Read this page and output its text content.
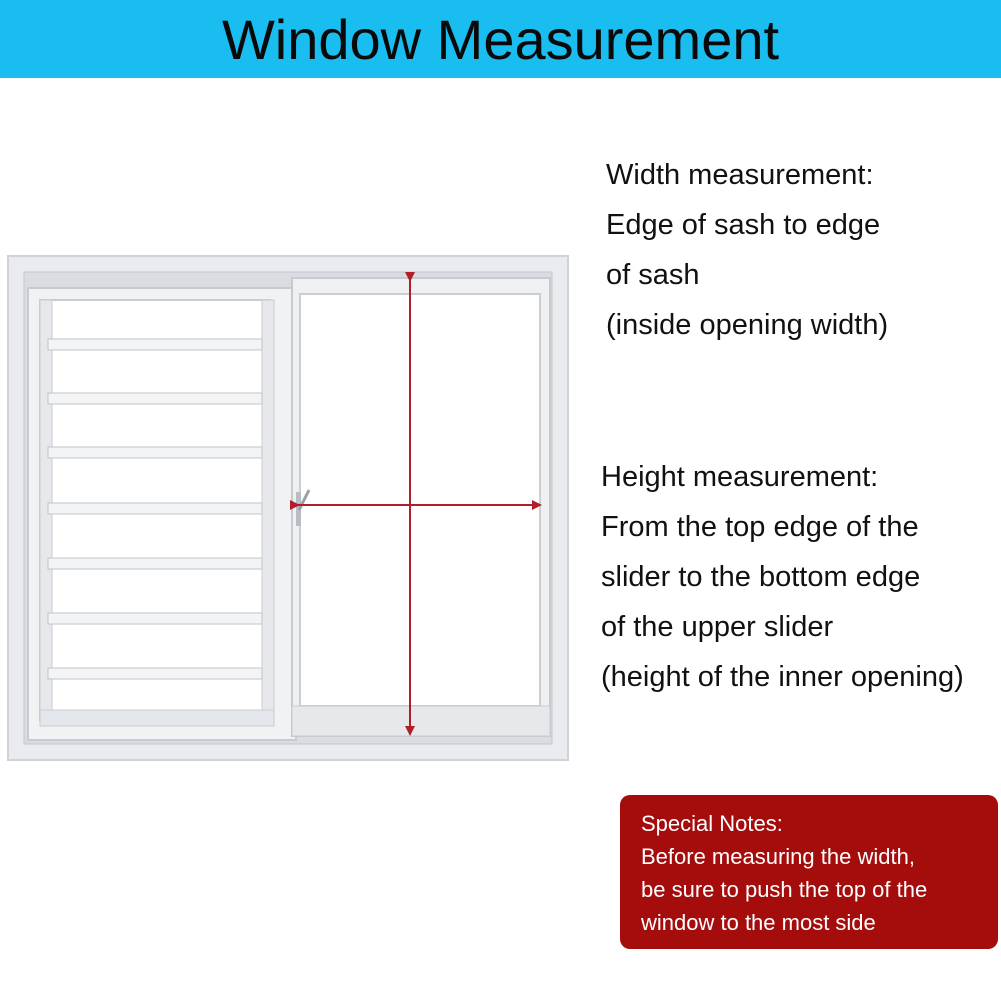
Window Measurement
Width measurement:
Edge of sash to edge
of sash
(inside opening width)
Height measurement:
From the top edge of the
slider to the bottom edge
of the upper slider
(height of the inner opening)
Special Notes:
Before measuring the width,
be sure to push the top of the
window to the most side
